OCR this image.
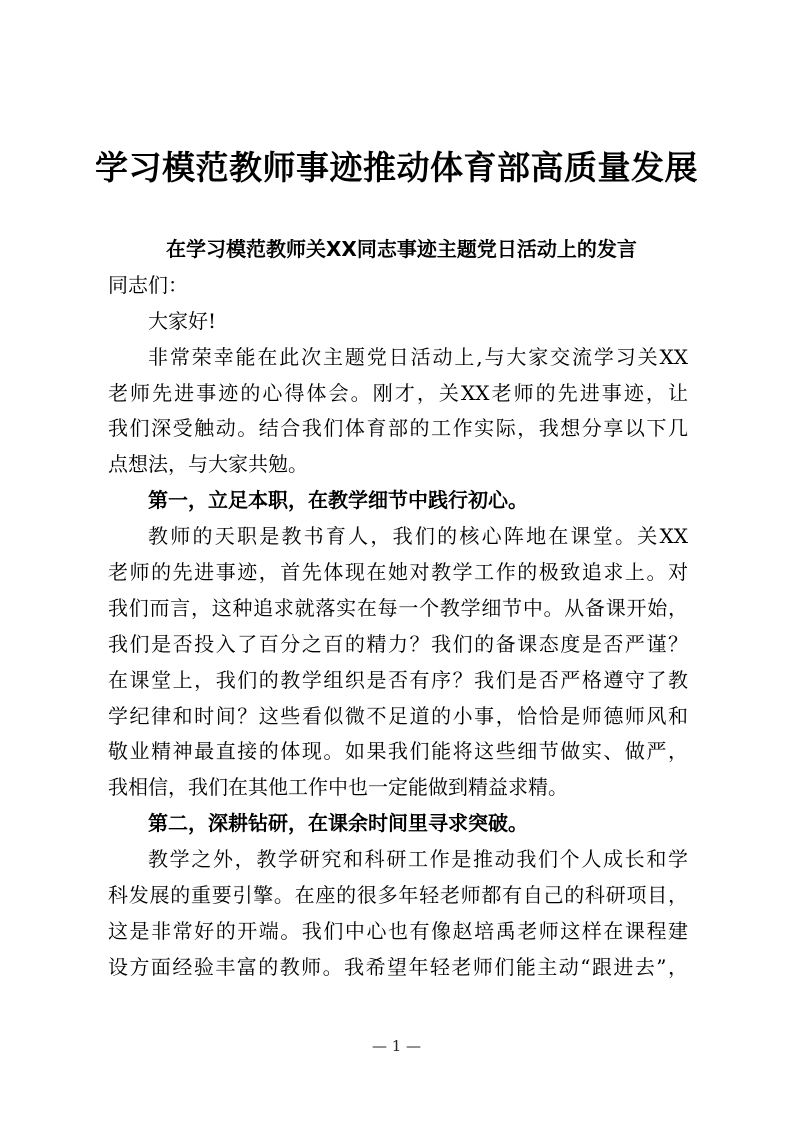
学习模范教师事迹推动体育部高质量发展
在学习模范教师关XX同志事迹主题党日活动上的发言
同志们：
大家好!
非常荣幸能在此次主题党日活动上,与大家交流学习关XX
老师先进事迹的心得体会。刚才，关XX老师的先进事迹，让
我们深受触动。结合我们体育部的工作实际，我想分享以下几
点想法，与大家共勉。
第一，立足本职，在教学细节中践行初心。
教师的天职是教书育人，我们的核心阵地在课堂。关XX
老师的先进事迹，首先体现在她对教学工作的极致追求上。对
我们而言，这种追求就落实在每一个教学细节中。从备课开始，
我们是否投入了百分之百的精力？我们的备课态度是否严谨？
在课堂上，我们的教学组织是否有序？我们是否严格遵守了教
学纪律和时间？这些看似微不足道的小事，恰恰是师德师风和
敬业精神最直接的体现。如果我们能将这些细节做实、做严，
我相信，我们在其他工作中也一定能做到精益求精。
第二，深耕钻研，在课余时间里寻求突破。
教学之外，教学研究和科研工作是推动我们个人成长和学
科发展的重要引擎。在座的很多年轻老师都有自己的科研项目，
这是非常好的开端。我们中心也有像赵培禹老师这样在课程建
设方面经验丰富的教师。我希望年轻老师们能主动“跟进去”，
— 1 —
